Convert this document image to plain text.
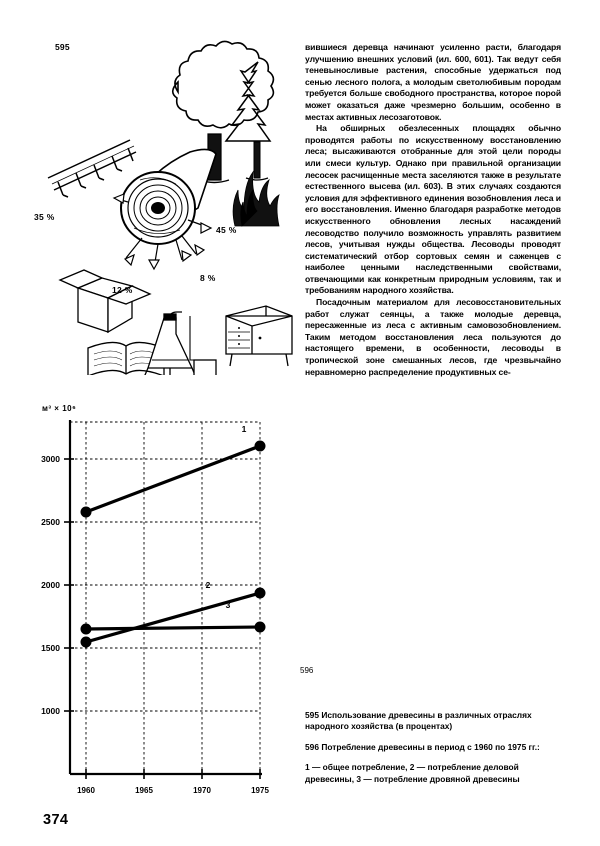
595
35 %
45 %
12 %
8 %

вившиеся деревца начинают усиленно расти, благодаря улучшению внешних условий (ил. 600, 601). Так ведут себя теневыносливые растения, способные удержаться под сенью лесного полога, а молодым светолюбивым породам требуется больше свободного пространства, которое порой может оказаться даже чрезмерно большим, особенно в местах активных лесозаготовок.

На обширных обезлесенных площадях обычно проводятся работы по искусственному восстановлению леса; высаживаются отобранные для этой цели породы или смеси культур. Однако при правильной организации лесосек расчищенные места заселяются также в результате естественного высева (ил. 603). В этих случаях создаются условия для эффективного единения возобновления леса и его восстановления. Именно благодаря разработке методов искусственного обновления лесных насаждений лесоводство получило возможность управлять развитием лесов, учитывая нужды общества. Лесоводы проводят систематический отбор сортовых семян и саженцев с наиболее ценными наследственными свойствами, отвечающими как конкретным природным условиям, так и требованиям народного хозяйства.

Посадочным материалом для лесовосстановительных работ служат сеянцы, а также молодые деревца, пересаженные из леса с активным самовозобновлением. Таким методом восстановления леса пользуются до настоящего времени, в особенности, лесоводы в тропической зоне смешанных лесов, где чрезвычайно неравномерно распределение продуктивных се-

м³ × 10⁶
1000
1500
2000
2500
3000
1960	1965	1970	1975
1
2
3
596
595 Использование древесины в различных отраслях народного хозяйства (в процентах)
596 Потребление древесины в период с 1960 по 1975 гг.:
1 — общее потребление, 2 — потребление деловой древесины, 3 — потребление дровяной древесины
374
